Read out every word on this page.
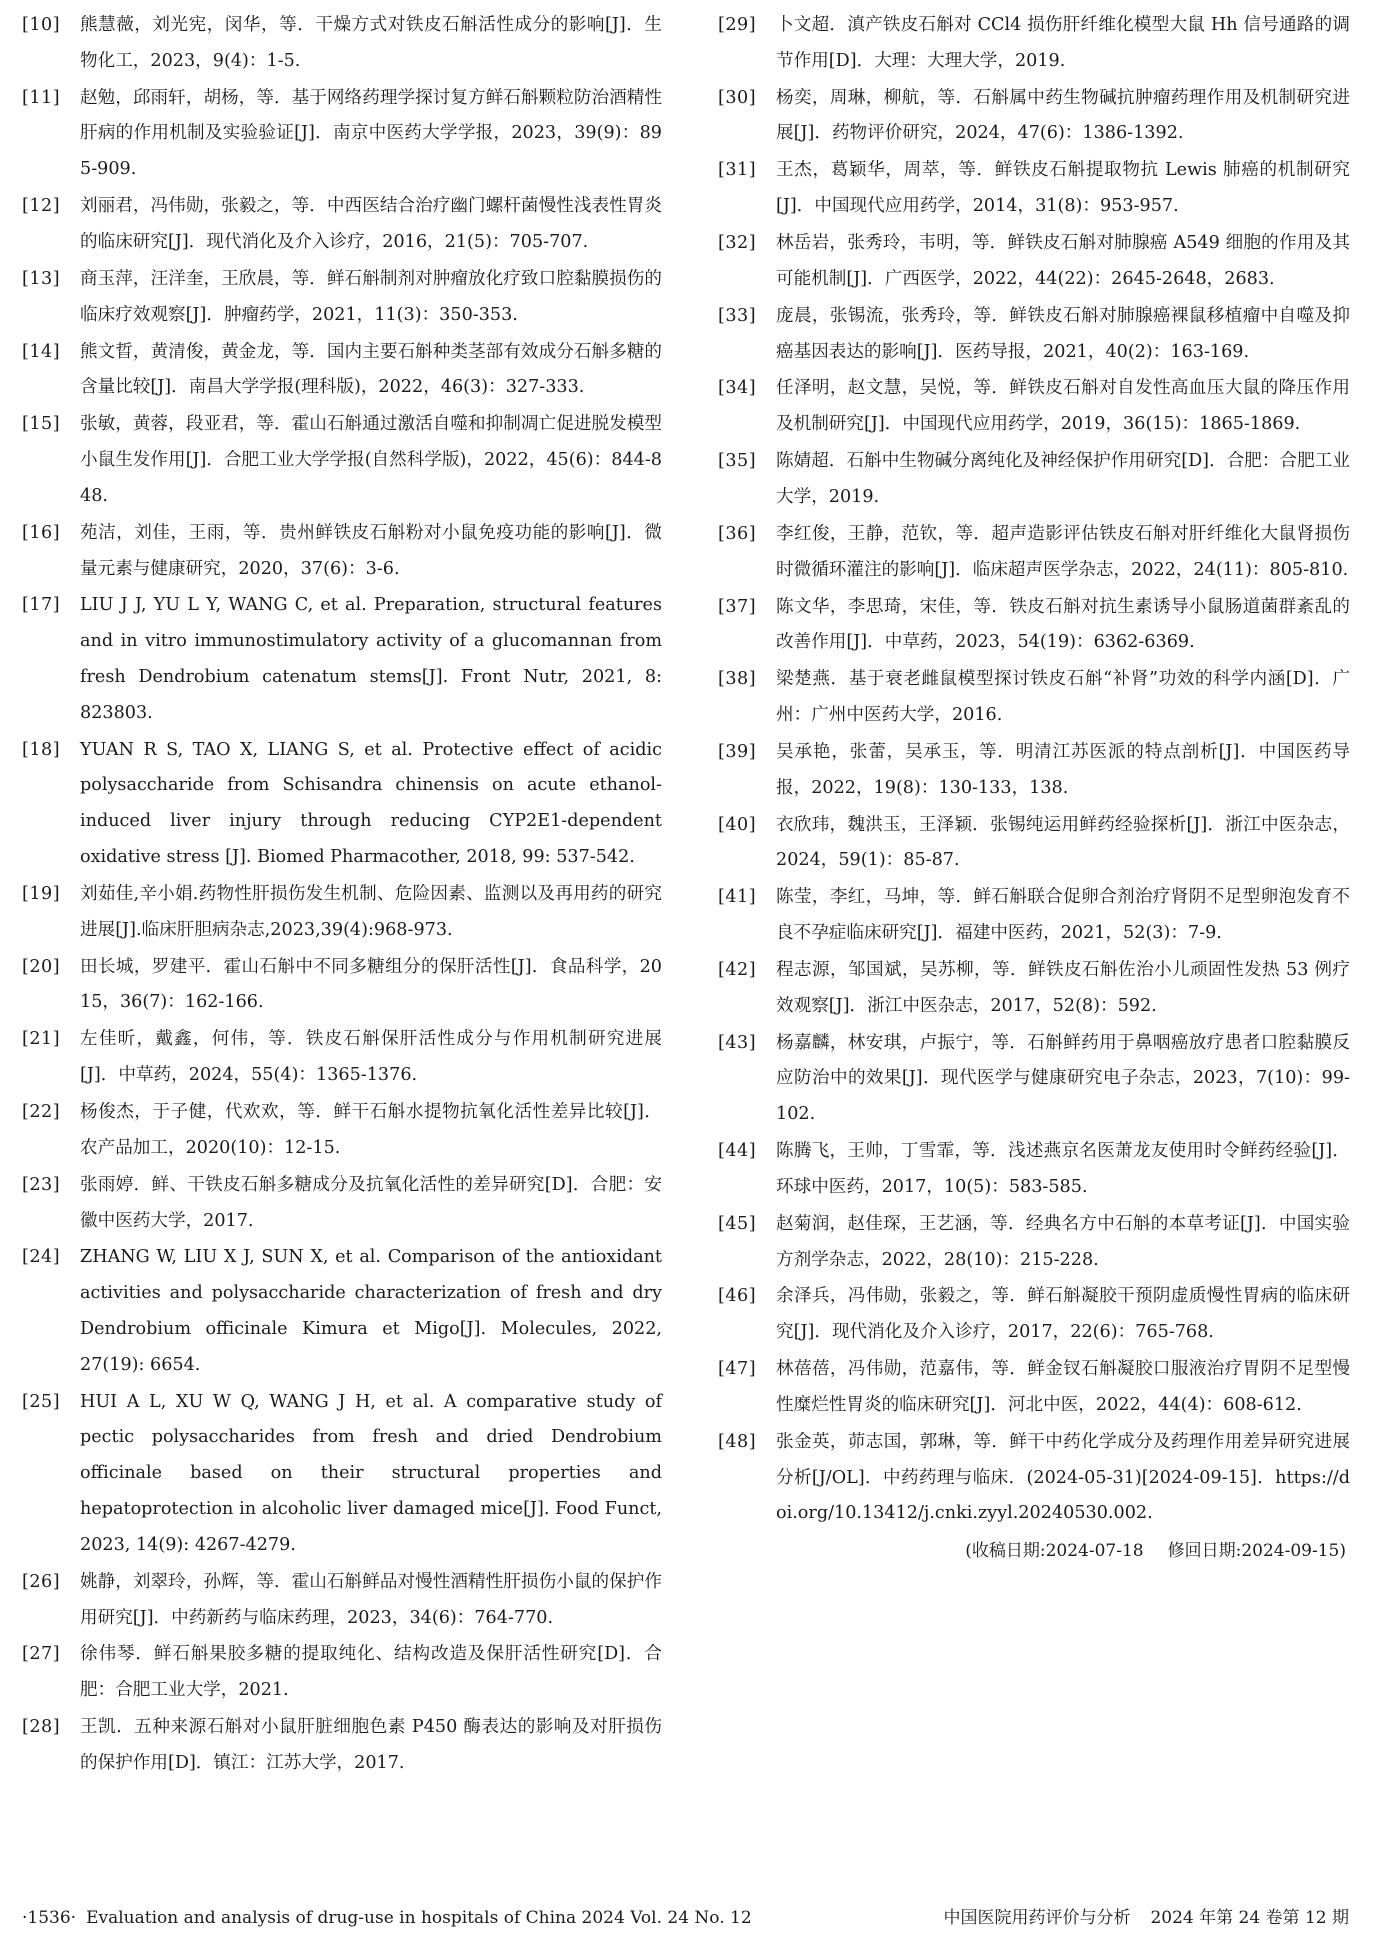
[10]	熊慧薇，刘光宪，闵华，等．干燥方式对铁皮石斛活性成分的影响[J]．生物化工，2023，9(4)：1-5.
[11]	赵勉，邱雨轩，胡杨，等．基于网络药理学探讨复方鲜石斛颗粒防治酒精性肝病的作用机制及实验验证[J]．南京中医药大学学报，2023，39(9)：895-909.
[12]	刘丽君，冯伟勋，张毅之，等．中西医结合治疗幽门螺杆菌慢性浅表性胃炎的临床研究[J]．现代消化及介入诊疗，2016，21(5)：705-707.
[13]	商玉萍，汪洋奎，王欣晨，等．鲜石斛制剂对肿瘤放化疗致口腔黏膜损伤的临床疗效观察[J]．肿瘤药学，2021，11(3)：350-353.
[14]	熊文晢，黄清俊，黄金龙，等．国内主要石斛种类茎部有效成分石斛多糖的含量比较[J]．南昌大学学报(理科版)，2022，46(3)：327-333.
[15]	张敏，黄蓉，段亚君，等．霍山石斛通过激活自噬和抑制凋亡促进脱发模型小鼠生发作用[J]．合肥工业大学学报(自然科学版)，2022，45(6)：844-848.
[16]	苑洁，刘佳，王雨，等．贵州鲜铁皮石斛粉对小鼠免疫功能的影响[J]．微量元素与健康研究，2020，37(6)：3-6.
[17]	LIU J J, YU L Y, WANG C, et al. Preparation, structural features and in vitro immunostimulatory activity of a glucomannan from fresh Dendrobium catenatum stems[J]. Front Nutr, 2021, 8: 823803.
[18]	YUAN R S, TAO X, LIANG S, et al. Protective effect of acidic polysaccharide from Schisandra chinensis on acute ethanol-induced liver injury through reducing CYP2E1-dependent oxidative stress [J]. Biomed Pharmacother, 2018, 99: 537-542.
[19]	刘茹佳,辛小娟.药物性肝损伤发生机制、危险因素、监测以及再用药的研究进展[J].临床肝胆病杂志,2023,39(4):968-973.
[20]	田长城，罗建平．霍山石斛中不同多糖组分的保肝活性[J]．食品科学，2015，36(7)：162-166.
[21]	左佳昕，戴鑫，何伟，等．铁皮石斛保肝活性成分与作用机制研究进展[J]．中草药，2024，55(4)：1365-1376.
[22]	杨俊杰，于子健，代欢欢，等．鲜干石斛水提物抗氧化活性差异比较[J]．农产品加工，2020(10)：12-15.
[23]	张雨婷．鲜、干铁皮石斛多糖成分及抗氧化活性的差异研究[D]．合肥：安徽中医药大学，2017.
[24]	ZHANG W, LIU X J, SUN X, et al. Comparison of the antioxidant activities and polysaccharide characterization of fresh and dry Dendrobium officinale Kimura et Migo[J]. Molecules, 2022, 27(19): 6654.
[25]	HUI A L, XU W Q, WANG J H, et al. A comparative study of pectic polysaccharides from fresh and dried Dendrobium officinale based on their structural properties and hepatoprotection in alcoholic liver damaged mice[J]. Food Funct, 2023, 14(9): 4267-4279.
[26]	姚静，刘翠玲，孙辉，等．霍山石斛鲜品对慢性酒精性肝损伤小鼠的保护作用研究[J]．中药新药与临床药理，2023，34(6)：764-770.
[27]	徐伟琴．鲜石斛果胶多糖的提取纯化、结构改造及保肝活性研究[D]．合肥：合肥工业大学，2021.
[28]	王凯．五种来源石斛对小鼠肝脏细胞色素 P450 酶表达的影响及对肝损伤的保护作用[D]．镇江：江苏大学，2017.
[29]	卜文超．滇产铁皮石斛对 CCl4 损伤肝纤维化模型大鼠 Hh 信号通路的调节作用[D]．大理：大理大学，2019.
[30]	杨奕，周琳，柳航，等．石斛属中药生物碱抗肿瘤药理作用及机制研究进展[J]．药物评价研究，2024，47(6)：1386-1392.
[31]	王杰，葛颖华，周萃，等．鲜铁皮石斛提取物抗 Lewis 肺癌的机制研究[J]．中国现代应用药学，2014，31(8)：953-957.
[32]	林岳岩，张秀玲，韦明，等．鲜铁皮石斛对肺腺癌 A549 细胞的作用及其可能机制[J]．广西医学，2022，44(22)：2645-2648，2683.
[33]	庞晨，张锡流，张秀玲，等．鲜铁皮石斛对肺腺癌裸鼠移植瘤中自噬及抑癌基因表达的影响[J]．医药导报，2021，40(2)：163-169.
[34]	任泽明，赵文慧，吴悦，等．鲜铁皮石斛对自发性高血压大鼠的降压作用及机制研究[J]．中国现代应用药学，2019，36(15)：1865-1869.
[35]	陈婧超．石斛中生物碱分离纯化及神经保护作用研究[D]．合肥：合肥工业大学，2019.
[36]	李红俊，王静，范钦，等．超声造影评估铁皮石斛对肝纤维化大鼠肾损伤时微循环灌注的影响[J]．临床超声医学杂志，2022，24(11)：805-810.
[37]	陈文华，李思琦，宋佳，等．铁皮石斛对抗生素诱导小鼠肠道菌群紊乱的改善作用[J]．中草药，2023，54(19)：6362-6369.
[38]	梁楚燕．基于衰老雌鼠模型探讨铁皮石斛“补肾”功效的科学内涵[D]．广州：广州中医药大学，2016.
[39]	吴承艳，张蕾，吴承玉，等．明清江苏医派的特点剖析[J]．中国医药导报，2022，19(8)：130-133，138.
[40]	衣欣玮，魏洪玉，王泽颖．张锡纯运用鲜药经验探析[J]．浙江中医杂志，2024，59(1)：85-87.
[41]	陈莹，李红，马坤，等．鲜石斛联合促卵合剂治疗肾阴不足型卵泡发育不良不孕症临床研究[J]．福建中医药，2021，52(3)：7-9.
[42]	程志源，邹国斌，吴苏柳，等．鲜铁皮石斛佐治小儿顽固性发热 53 例疗效观察[J]．浙江中医杂志，2017，52(8)：592.
[43]	杨嘉麟，林安琪，卢振宁，等．石斛鲜药用于鼻咽癌放疗患者口腔黏膜反应防治中的效果[J]．现代医学与健康研究电子杂志，2023，7(10)：99-102.
[44]	陈腾飞，王帅，丁雪霏，等．浅述燕京名医萧龙友使用时令鲜药经验[J]．环球中医药，2017，10(5)：583-585.
[45]	赵菊润，赵佳琛，王艺涵，等．经典名方中石斛的本草考证[J]．中国实验方剂学杂志，2022，28(10)：215-228.
[46]	余泽兵，冯伟勋，张毅之，等．鲜石斛凝胶干预阴虚质慢性胃病的临床研究[J]．现代消化及介入诊疗，2017，22(6)：765-768.
[47]	林蓓蓓，冯伟勋，范嘉伟，等．鲜金钗石斛凝胶口服液治疗胃阴不足型慢性糜烂性胃炎的临床研究[J]．河北中医，2022，44(4)：608-612.
[48]	张金英，茆志国，郭琳，等．鲜干中药化学成分及药理作用差异研究进展分析[J/OL]．中药药理与临床．(2024-05-31)[2024-09-15]．https://doi.org/10.13412/j.cnki.zyyl.20240530.002.
(收稿日期:2024-07-18 修回日期:2024-09-15)
·1536· Evaluation and analysis of drug-use in hospitals of China 2024 Vol. 24 No. 12	中国医院用药评价与分析 2024 年第 24 卷第 12 期
